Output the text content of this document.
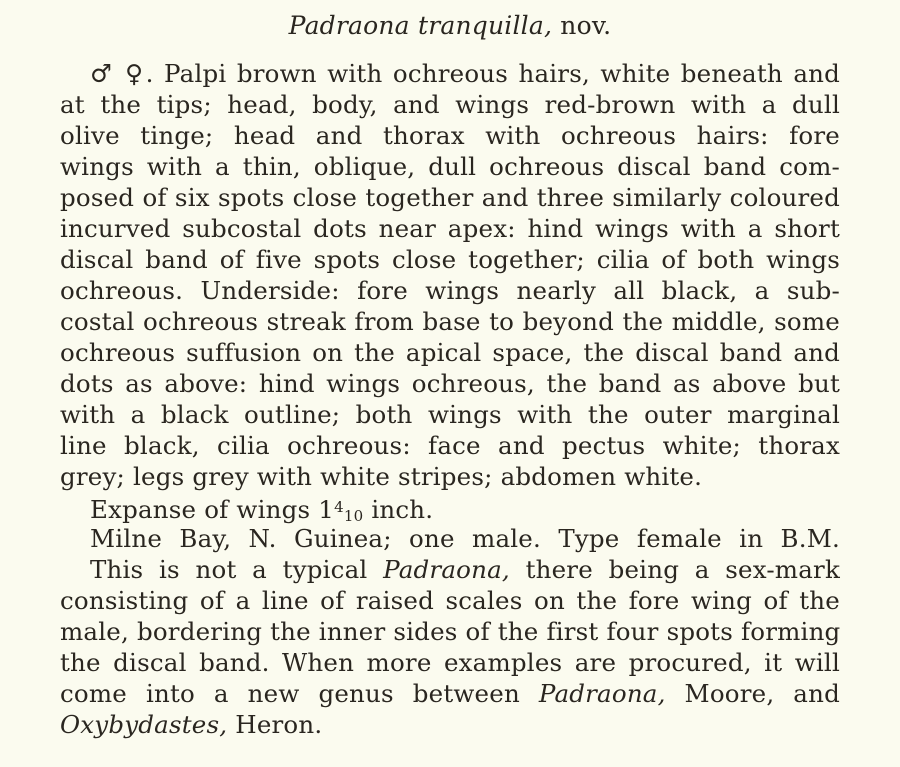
Padraona tranquilla, nov.
♂ ♀. Palpi brown with ochreous hairs, white beneath and
at the tips; head, body, and wings red-brown with a dull
olive tinge; head and thorax with ochreous hairs: fore
wings with a thin, oblique, dull ochreous discal band com-
posed of six spots close together and three similarly coloured
incurved subcostal dots near apex: hind wings with a short
discal band of five spots close together; cilia of both wings
ochreous. Underside: fore wings nearly all black, a sub-
costal ochreous streak from base to beyond the middle, some
ochreous suffusion on the apical space, the discal band and
dots as above: hind wings ochreous, the band as above but
with a black outline; both wings with the outer marginal
line black, cilia ochreous: face and pectus white; thorax
grey; legs grey with white stripes; abdomen white.
Expanse of wings $1^410$ inch.
Milne Bay, N. Guinea; one male. Type female in B.M.
This is not a typical Padraona, there being a sex-mark
consisting of a line of raised scales on the fore wing of the
male, bordering the inner sides of the first four spots forming
the discal band. When more examples are procured, it will
come into a new genus between Padraona, Moore, and
Oxybydastes, Heron.
